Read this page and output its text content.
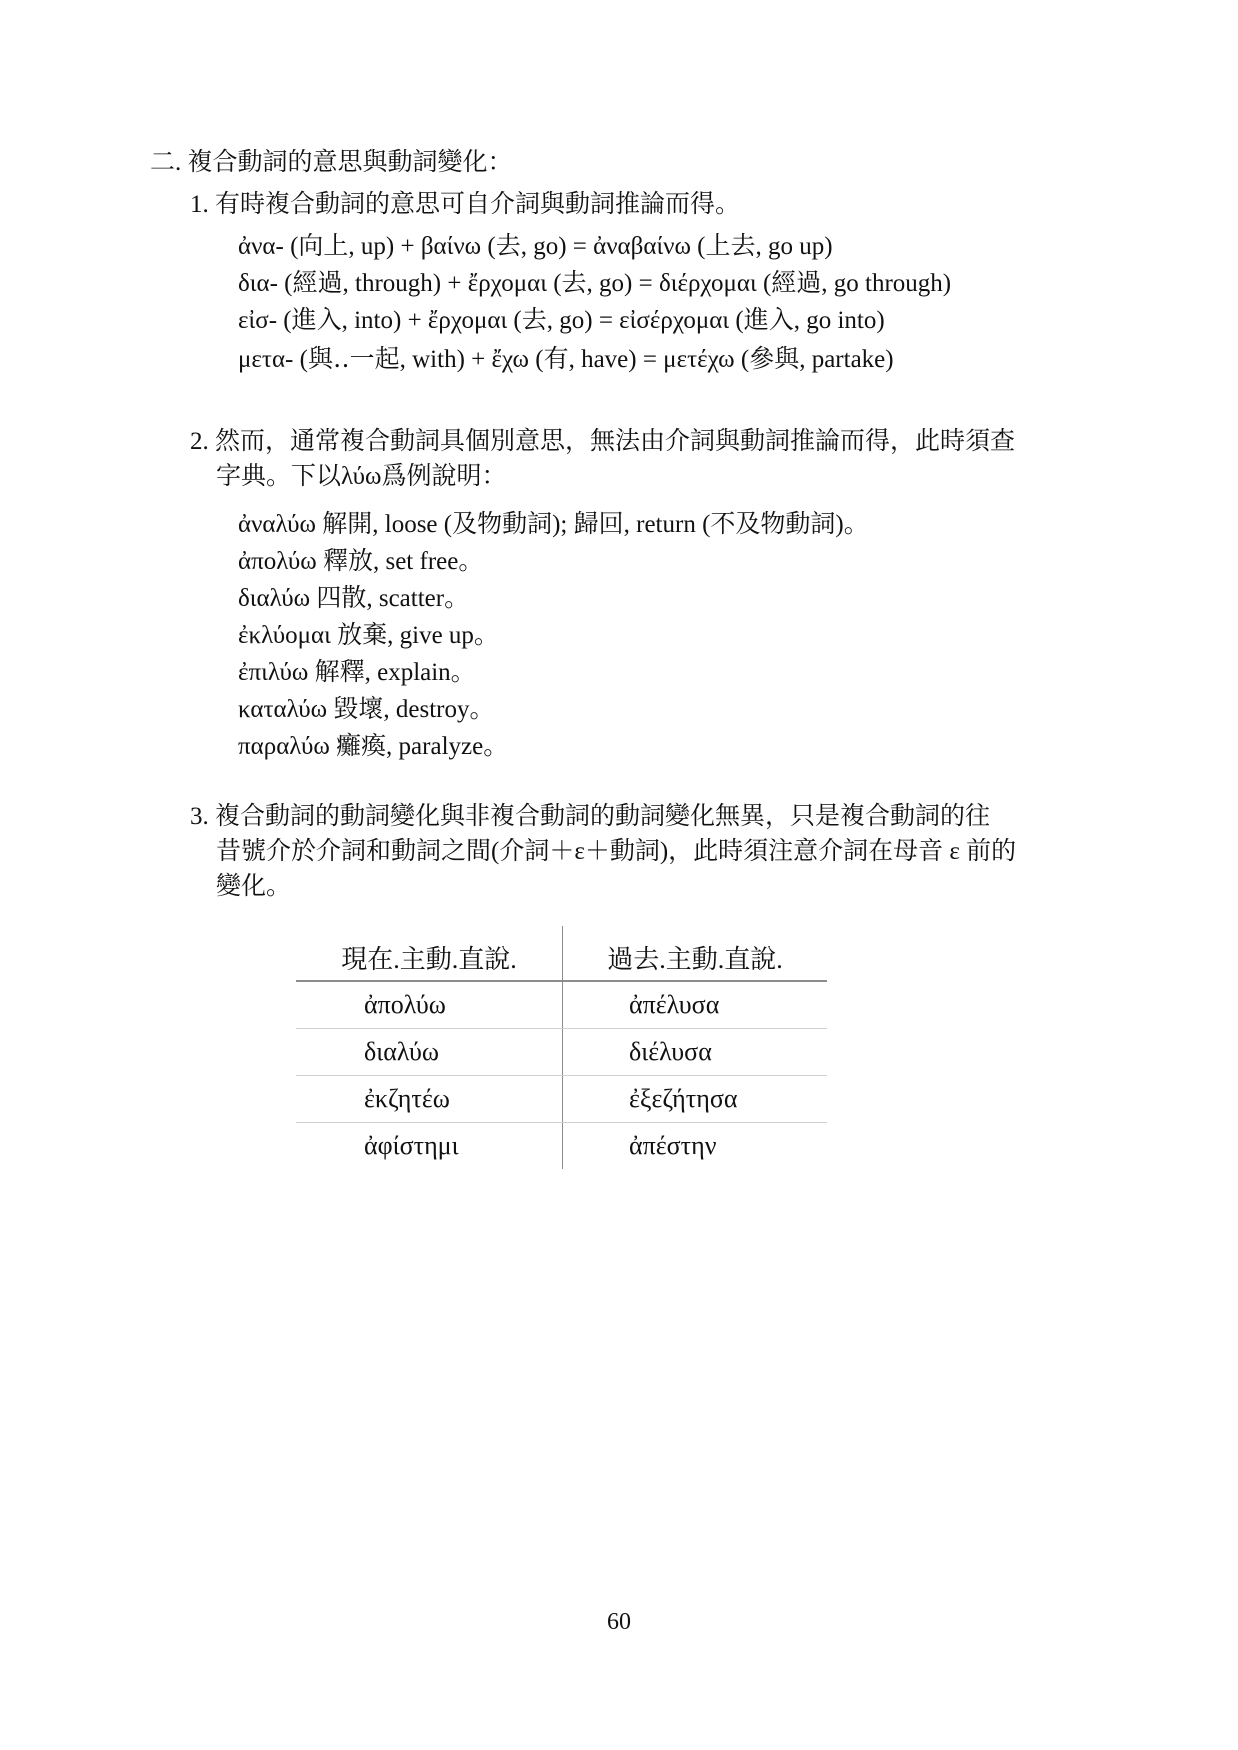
二. 複合動詞的意思與動詞變化：
1. 有時複合動詞的意思可自介詞與動詞推論而得。
ἀνα- (向上, up) + βαίνω (去, go) = ἀναβαίνω (上去, go up)
δια- (經過, through) + ἔρχομαι (去, go) = διέρχομαι (經過, go through)
εἰσ- (進入, into) + ἔρχομαι (去, go) = εἰσέρχομαι (進入, go into)
μετα- (與‥一起, with) + ἔχω (有, have) = μετέχω (參與, partake)
2. 然而，通常複合動詞具個別意思，無法由介詞與動詞推論而得，此時須查
字典。下以λύω爲例說明：
ἀναλύω 解開, loose (及物動詞); 歸回, return (不及物動詞)。
ἀπολύω 釋放, set free。
διαλύω 四散, scatter。
ἐκλύομαι 放棄, give up。
ἐπιλύω 解釋, explain。
καταλύω 毀壞, destroy。
παραλύω 癱瘓, paralyze。
3. 複合動詞的動詞變化與非複合動詞的動詞變化無異，只是複合動詞的往
昔號介於介詞和動詞之間(介詞＋ε＋動詞)，此時須注意介詞在母音 ε 前的
變化。
現在.主動.直說.	過去.主動.直說.
ἀπολύω	ἀπέλυσα
διαλύω	διέλυσα
ἐκζητέω	ἐξεζήτησα
ἀφίστημι	ἀπέστην
60
